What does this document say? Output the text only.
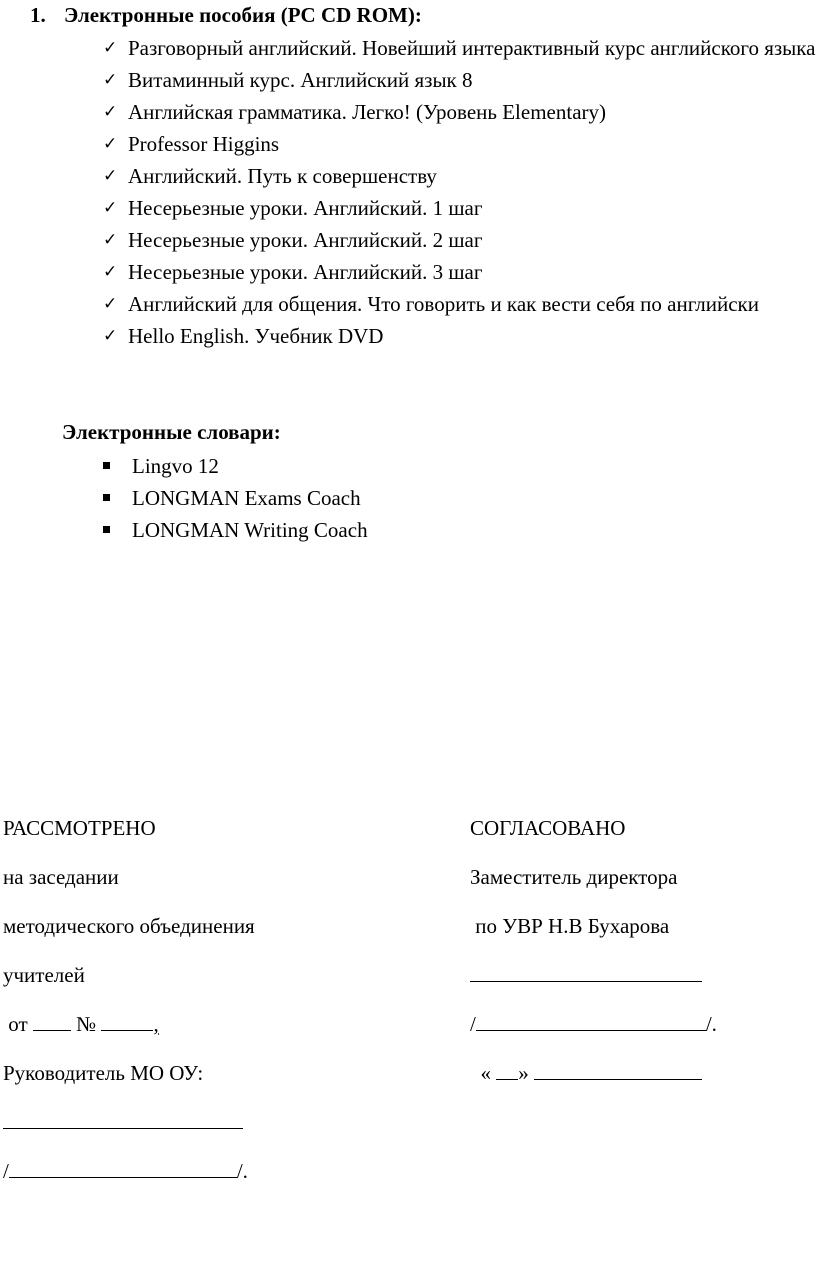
1. Электронные пособия (PC CD ROM):
✓ Разговорный английский. Новейший интерактивный курс английского языка
✓ Витаминный курс. Английский язык 8
✓ Английская грамматика. Легко! (Уровень Elementary)
✓ Professor Higgins
✓ Английский. Путь к совершенству
✓ Несерьезные уроки. Английский. 1 шаг
✓ Несерьезные уроки. Английский. 2 шаг
✓ Несерьезные уроки. Английский. 3 шаг
✓ Английский для общения. Что говорить и как вести себя по английски
✓ Hello English. Учебник DVD
Электронные словари:
Lingvo 12
LONGMAN Exams Coach
LONGMAN Writing Coach
РАССМОТРЕНО
на заседании
методического объединения
учителей
от №	,
Руководитель МО ОУ:
/	/.
СОГЛАСОВАНО
Заместитель директора
по УВР Н.В Бухарова
/	/.
« »
